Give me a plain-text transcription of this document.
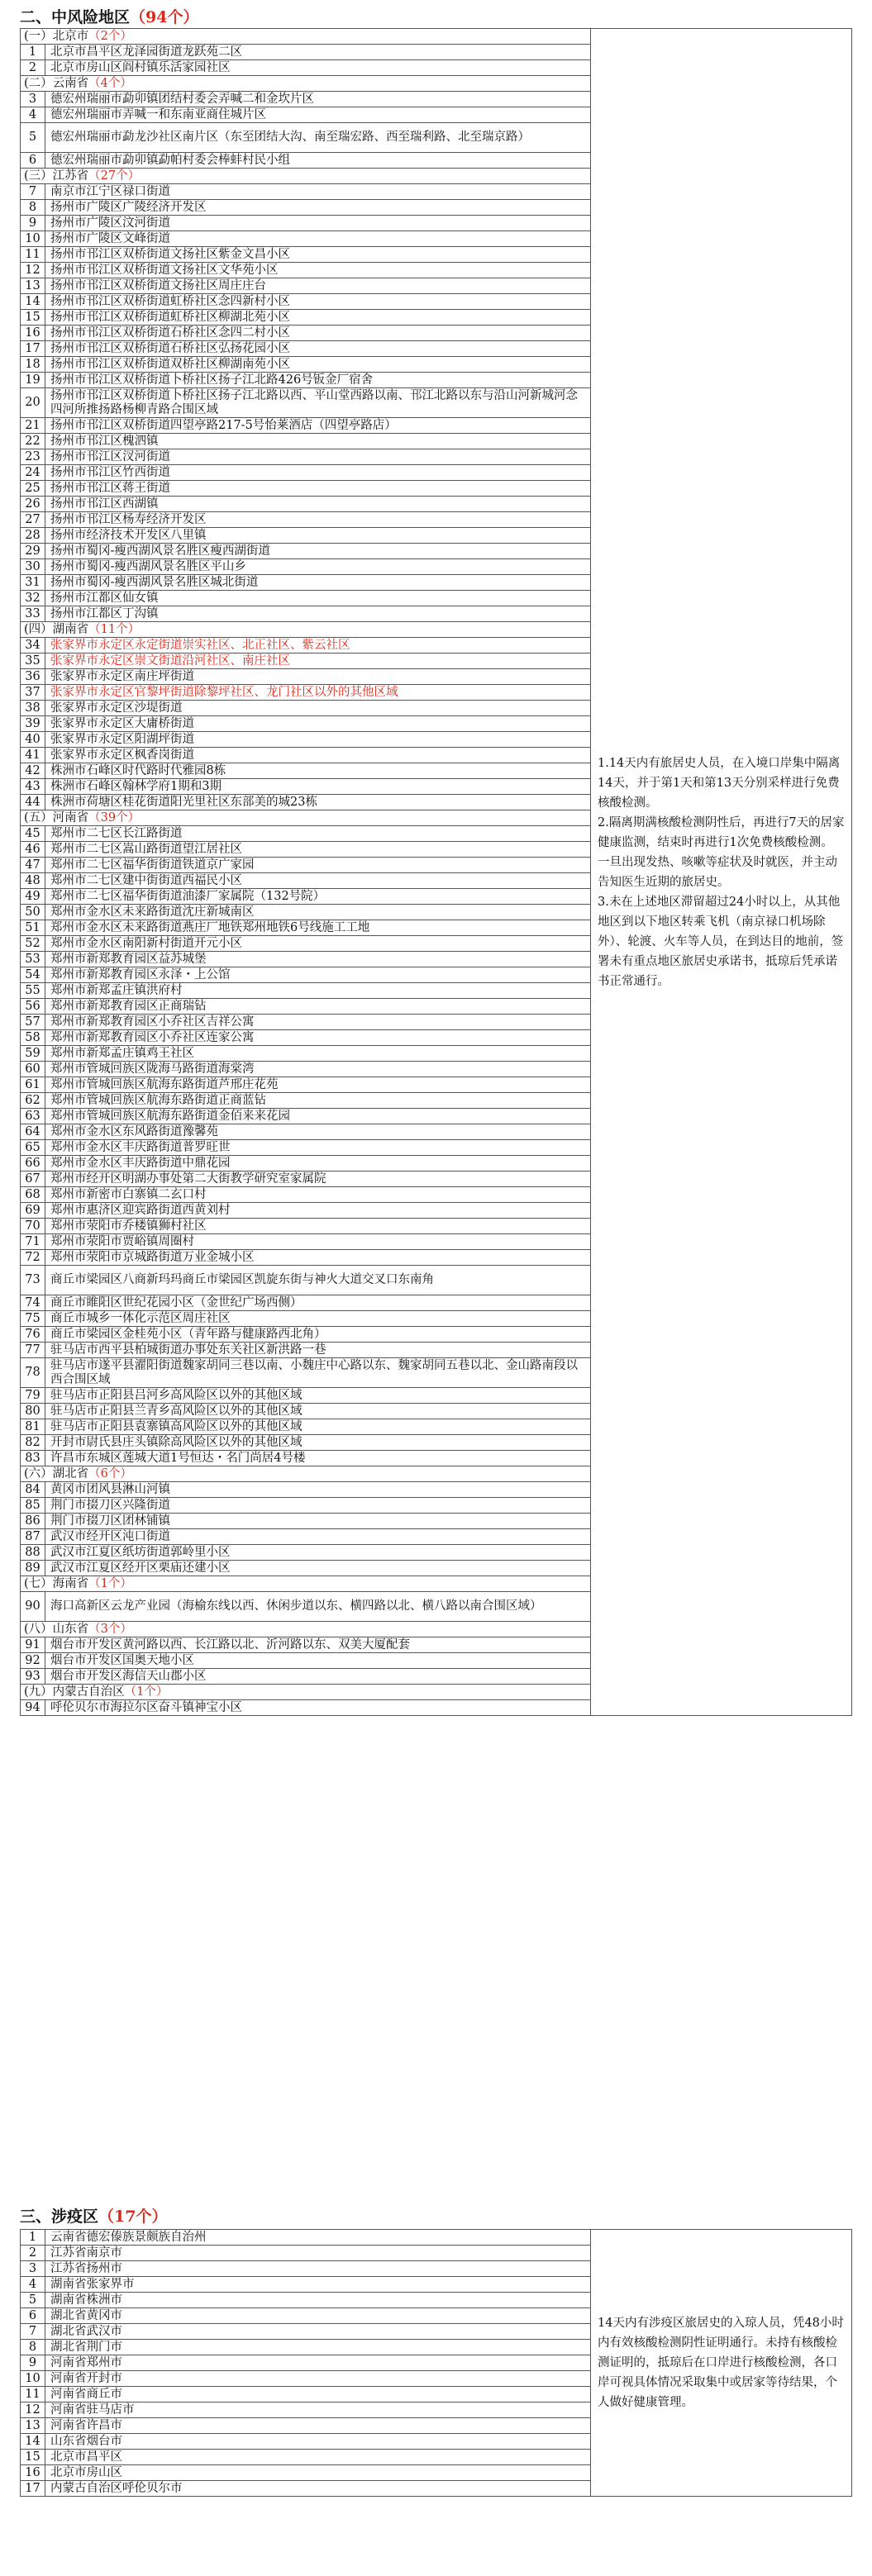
二、中风险地区（94个）
(一）北京市（2个）		1.14天内有旅居史人员，在入境口岸集中隔离14天，并于第1天和第13天分别采样进行免费核酸检测。

2.隔离期满核酸检测阴性后，再进行7天的居家健康监测，结束时再进行1次免费核酸检测。一旦出现发热、咳嗽等症状及时就医，并主动告知医生近期的旅居史。

3.未在上述地区滞留超过24小时以上，从其他地区到以下地区转乘飞机（南京禄口机场除外）、轮渡、火车等人员，在到达目的地前，签署未有重点地区旅居史承诺书，抵琼后凭承诺书正常通行。

1	北京市昌平区龙泽园街道龙跃苑二区	
2	北京市房山区阎村镇乐活家园社区	
(二）云南省（4个）		
3	德宏州瑞丽市勐卯镇团结村委会弄喊二和金坎片区	
4	德宏州瑞丽市弄喊一和东南亚商住城片区	
5	德宏州瑞丽市勐龙沙社区南片区（东至团结大沟、南至瑞宏路、西至瑞利路、北至瑞京路）	
6	德宏州瑞丽市勐卯镇勐帕村委会棒蚌村民小组	
(三）江苏省（27个）		
7	南京市江宁区禄口街道	
8	扬州市广陵区广陵经济开发区	
9	扬州市广陵区汶河街道	
10	扬州市广陵区文峰街道	
11	扬州市邗江区双桥街道文扬社区紫金文昌小区	
12	扬州市邗江区双桥街道文扬社区文华苑小区	
13	扬州市邗江区双桥街道文扬社区周庄庄台	
14	扬州市邗江区双桥街道虹桥社区念四新村小区	
15	扬州市邗江区双桥街道虹桥社区柳湖北苑小区	
16	扬州市邗江区双桥街道石桥社区念四二村小区	
17	扬州市邗江区双桥街道石桥社区弘扬花园小区	
18	扬州市邗江区双桥街道双桥社区柳湖南苑小区	
19	扬州市邗江区双桥街道卜桥社区扬子江北路426号钣金厂宿舍	
20	扬州市邗江区双桥街道卜桥社区扬子江北路以西、平山堂西路以南、邗江北路以东与沿山河新城河念四河所推扬路杨柳青路合围区域	
21	扬州市邗江区双桥街道四望亭路217-5号怡莱酒店（四望亭路店）	
22	扬州市邗江区槐泗镇	
23	扬州市邗江区汊河街道	
24	扬州市邗江区竹西街道	
25	扬州市邗江区蒋王街道	
26	扬州市邗江区西湖镇	
27	扬州市邗江区杨寿经济开发区	
28	扬州市经济技术开发区八里镇	
29	扬州市蜀冈-瘦西湖风景名胜区瘦西湖街道	
30	扬州市蜀冈-瘦西湖风景名胜区平山乡	
31	扬州市蜀冈-瘦西湖风景名胜区城北街道	
32	扬州市江都区仙女镇	
33	扬州市江都区丁沟镇	
(四）湖南省（11个）		
34	张家界市永定区永定街道崇实社区、北正社区、紫云社区	
35	张家界市永定区崇文街道沿河社区、南庄社区	
36	张家界市永定区南庄坪街道	
37	张家界市永定区官黎坪街道除黎坪社区、龙门社区以外的其他区域	
38	张家界市永定区沙堤街道	
39	张家界市永定区大庸桥街道	
40	张家界市永定区阳湖坪街道	
41	张家界市永定区枫香岗街道	
42	株洲市石峰区时代路时代雅园8栋	
43	株洲市石峰区翰林学府1期和3期	
44	株洲市荷塘区桂花街道阳光里社区东部美的城23栋	
(五）河南省（39个）		
45	郑州市二七区长江路街道	
46	郑州市二七区嵩山路街道望江居社区	
47	郑州市二七区福华街街道铁道京广家园	
48	郑州市二七区建中街街道西福民小区	
49	郑州市二七区福华街街道油漆厂家属院（132号院）	
50	郑州市金水区未来路街道沈庄新城南区	
51	郑州市金水区未来路街道燕庄厂地铁郑州地铁6号线施工工地	
52	郑州市金水区南阳新村街道开元小区	
53	郑州市新郑教育园区益苏城堡	
54	郑州市新郑教育园区永泽・上公馆	
55	郑州市新郑孟庄镇洪府村	
56	郑州市新郑教育园区正商瑞钻	
57	郑州市新郑教育园区小乔社区吉祥公寓	
58	郑州市新郑教育园区小乔社区连家公寓	
59	郑州市新郑孟庄镇鸡王社区	
60	郑州市管城回族区陇海马路街道海棠湾	
61	郑州市管城回族区航海东路街道芦邢庄花苑	
62	郑州市管城回族区航海东路街道正商蓝钻	
63	郑州市管城回族区航海东路街道金佰来来花园	
64	郑州市金水区东风路街道豫馨苑	
65	郑州市金水区丰庆路街道普罗旺世	
66	郑州市金水区丰庆路街道中鼎花园	
67	郑州市经开区明湖办事处第二大街教学研究室家属院	
68	郑州市新密市白寨镇二玄口村	
69	郑州市惠济区迎宾路街道西黄刘村	
70	郑州市荥阳市乔楼镇狮村社区	
71	郑州市荥阳市贾峪镇周圈村	
72	郑州市荥阳市京城路街道万业金城小区	
73	商丘市梁园区八商新玛玛商丘市梁园区凯旋东街与神火大道交叉口东南角	
74	商丘市睢阳区世纪花园小区（金世纪广场西侧）	
75	商丘市城乡一体化示范区周庄社区	
76	商丘市梁园区金桂苑小区（青年路与健康路西北角）	
77	驻马店市西平县柏城街道办事处东关社区新洪路一巷	
78	驻马店市遂平县濯阳街道魏家胡同三巷以南、小魏庄中心路以东、魏家胡同五巷以北、金山路南段以西合围区域	
79	驻马店市正阳县吕河乡高风险区以外的其他区域	
80	驻马店市正阳县兰青乡高风险区以外的其他区域	
81	驻马店市正阳县袁寨镇高风险区以外的其他区域	
82	开封市尉氏县庄头镇除高风险区以外的其他区域	
83	许昌市东城区莲城大道1号恒达・名门尚居4号楼	
(六）湖北省（6个）		
84	黄冈市团风县淋山河镇	
85	荆门市掇刀区兴隆街道	
86	荆门市掇刀区团林铺镇	
87	武汉市经开区沌口街道	
88	武汉市江夏区纸坊街道郭岭里小区	
89	武汉市江夏区经开区栗庙还建小区	
(七）海南省（1个）		
90	海口高新区云龙产业园（海榆东线以西、休闲步道以东、横四路以北、横八路以南合围区域）	
(八）山东省（3个）		
91	烟台市开发区黄河路以西、长江路以北、沂河路以东、双美大厦配套	
92	烟台市开发区国奥天地小区	
93	烟台市开发区海信天山郡小区	
(九）内蒙古自治区（1个）		
94	呼伦贝尔市海拉尔区奋斗镇神宝小区	
三、涉疫区（17个）
1	云南省德宏傣族景颇族自治州	14天内有涉疫区旅居史的入琼人员，凭48小时内有效核酸检测阴性证明通行。未持有核酸检测证明的，抵琼后在口岸进行核酸检测，各口岸可视具体情况采取集中或居家等待结果，个人做好健康管理。
2	江苏省南京市	
3	江苏省扬州市	
4	湖南省张家界市	
5	湖南省株洲市	
6	湖北省黄冈市	
7	湖北省武汉市	
8	湖北省荆门市	
9	河南省郑州市	
10	河南省开封市	
11	河南省商丘市	
12	河南省驻马店市	
13	河南省许昌市	
14	山东省烟台市	
15	北京市昌平区	
16	北京市房山区	
17	内蒙古自治区呼伦贝尔市	
